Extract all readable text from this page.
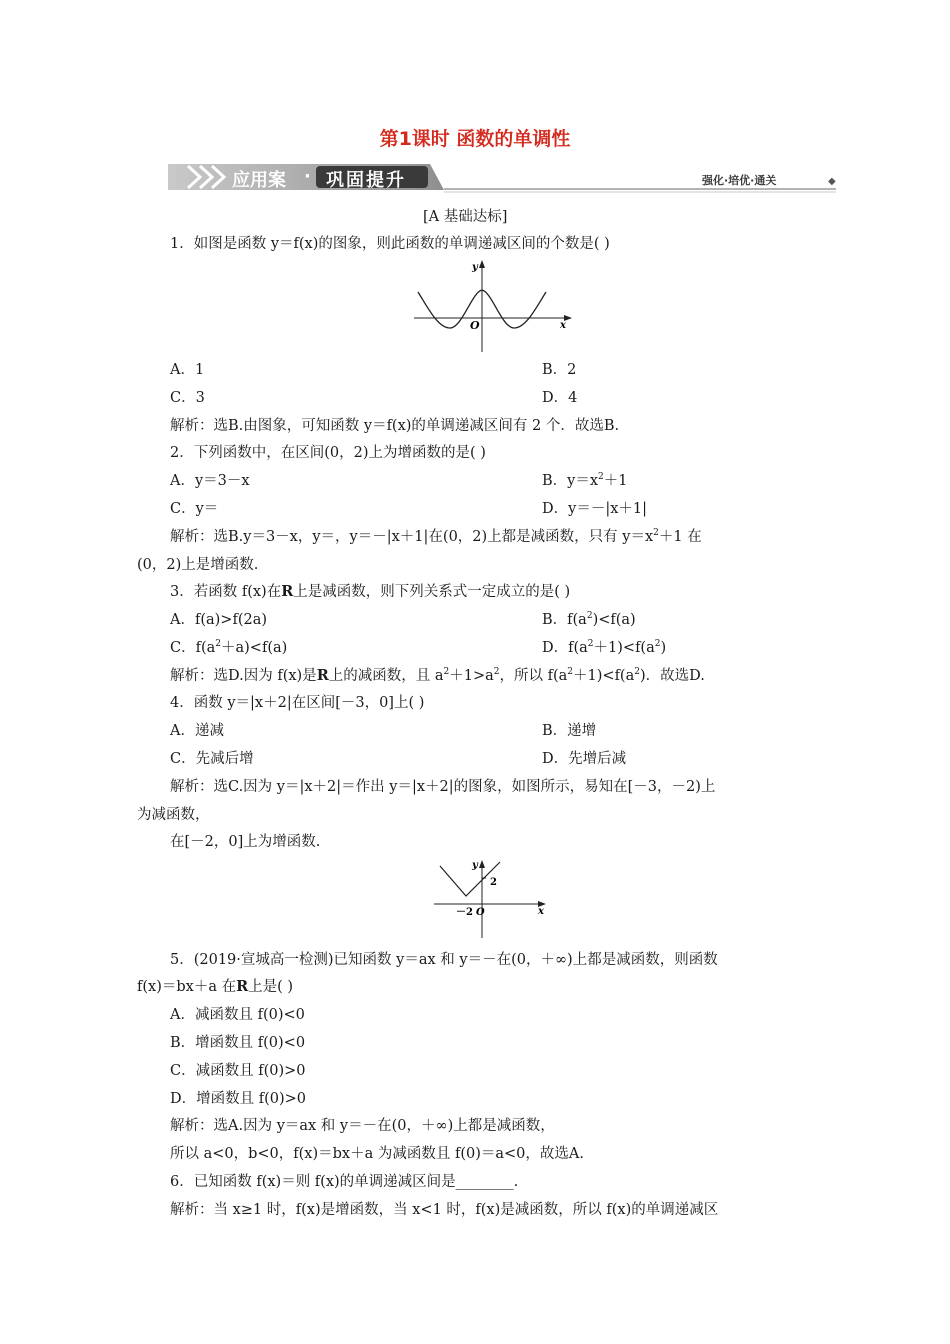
第1课时 函数的单调性
应用案 · 巩固提升	强化·培优·通关	◆
[A 基础达标]
1．如图是函数 y＝f(x)的图象，则此函数的单调递减区间的个数是( )
y
x
O
A．1	B．2
C．3	D．4
解析：选B.由图象，可知函数 y＝f(x)的单调递减区间有 2 个．故选B.
2．下列函数中，在区间(0，2)上为增函数的是( )
A．y＝3－x	B．$y=x^2+1$
C．y＝	D．y＝－|x＋1|
解析：选B.y＝3－x，y＝，y＝－|x＋1|在(0，2)上都是减函数，只有 $y=x^2+1$ 在
(0，2)上是增函数.
3．若函数 f(x)在R上是减函数，则下列关系式一定成立的是( )
A．f(a)>f(2a)	B．$f(a^2)<f(a)$
C．$f(a^2+a)<f(a)$	D．$f(a^2+1)<f(a^2)$
解析：选D.因为 f(x)是R上的减函数，且 $a^2+1>a^2$，所以 $f(a^2+1)<f(a^2)$．故选D.
4．函数 y＝|x＋2|在区间[－3，0]上( )
A．递减	B．递增
C．先减后增	D．先增后减
解析：选C.因为 y＝|x＋2|＝作出 y＝|x＋2|的图象，如图所示，易知在[－3，－2)上
为减函数，
在[－2，0]上为增函数.
y
x
O
－2
2
5．(2019·宣城高一检测)已知函数 y＝ax 和 y＝－在(0，＋∞)上都是减函数，则函数
f(x)＝bx＋a 在R上是( )
A．减函数且 f(0)<0
B．增函数且 f(0)<0
C．减函数且 f(0)>0
D．增函数且 f(0)>0
解析：选A.因为 y＝ax 和 y＝－在(0，＋∞)上都是减函数，
所以 a<0，b<0，f(x)＝bx＋a 为减函数且 f(0)＝a<0，故选A.
6．已知函数 f(x)＝则 f(x)的单调递减区间是________.
解析：当 x≥1 时，f(x)是增函数，当 x<1 时，f(x)是减函数，所以 f(x)的单调递减区
